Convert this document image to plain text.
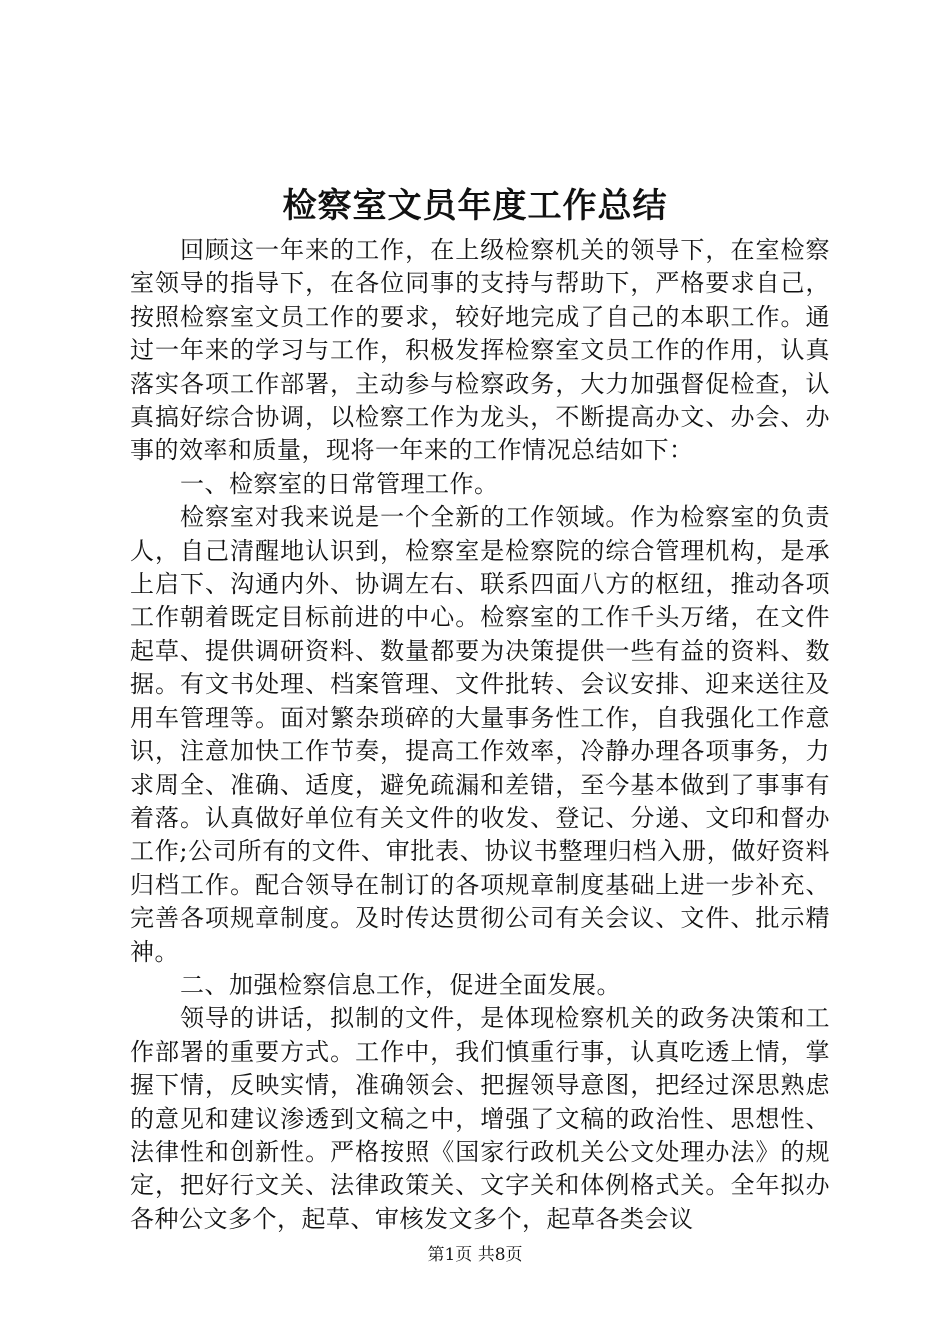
检察室文员年度工作总结

回顾这一年来的工作，在上级检察机关的领导下，在室检察室领导的指导下，在各位同事的支持与帮助下，严格要求自己，按照检察室文员工作的要求，较好地完成了自己的本职工作。通过一年来的学习与工作，积极发挥检察室文员工作的作用，认真落实各项工作部署，主动参与检察政务，大力加强督促检查，认真搞好综合协调，以检察工作为龙头，不断提高办文、办会、办事的效率和质量，现将一年来的工作情况总结如下：

一、检察室的日常管理工作。

检察室对我来说是一个全新的工作领域。作为检察室的负责人，自己清醒地认识到，检察室是检察院的综合管理机构，是承上启下、沟通内外、协调左右、联系四面八方的枢纽，推动各项工作朝着既定目标前进的中心。检察室的工作千头万绪，在文件起草、提供调研资料、数量都要为决策提供一些有益的资料、数据。有文书处理、档案管理、文件批转、会议安排、迎来送往及用车管理等。面对繁杂琐碎的大量事务性工作，自我强化工作意识，注意加快工作节奏，提高工作效率，冷静办理各项事务，力求周全、准确、适度，避免疏漏和差错，至今基本做到了事事有着落。认真做好单位有关文件的收发、登记、分递、文印和督办工作;公司所有的文件、审批表、协议书整理归档入册，做好资料归档工作。配合领导在制订的各项规章制度基础上进一步补充、完善各项规章制度。及时传达贯彻公司有关会议、文件、批示精神。

二、加强检察信息工作，促进全面发展。

领导的讲话，拟制的文件，是体现检察机关的政务决策和工作部署的重要方式。工作中，我们慎重行事，认真吃透上情，掌握下情，反映实情，准确领会、把握领导意图，把经过深思熟虑的意见和建议渗透到文稿之中，增强了文稿的政治性、思想性、法律性和创新性。严格按照《国家行政机关公文处理办法》的规定，把好行文关、法律政策关、文字关和体例格式关。全年拟办各种公文多个，起草、审核发文多个，起草各类会议

第1页 共8页
